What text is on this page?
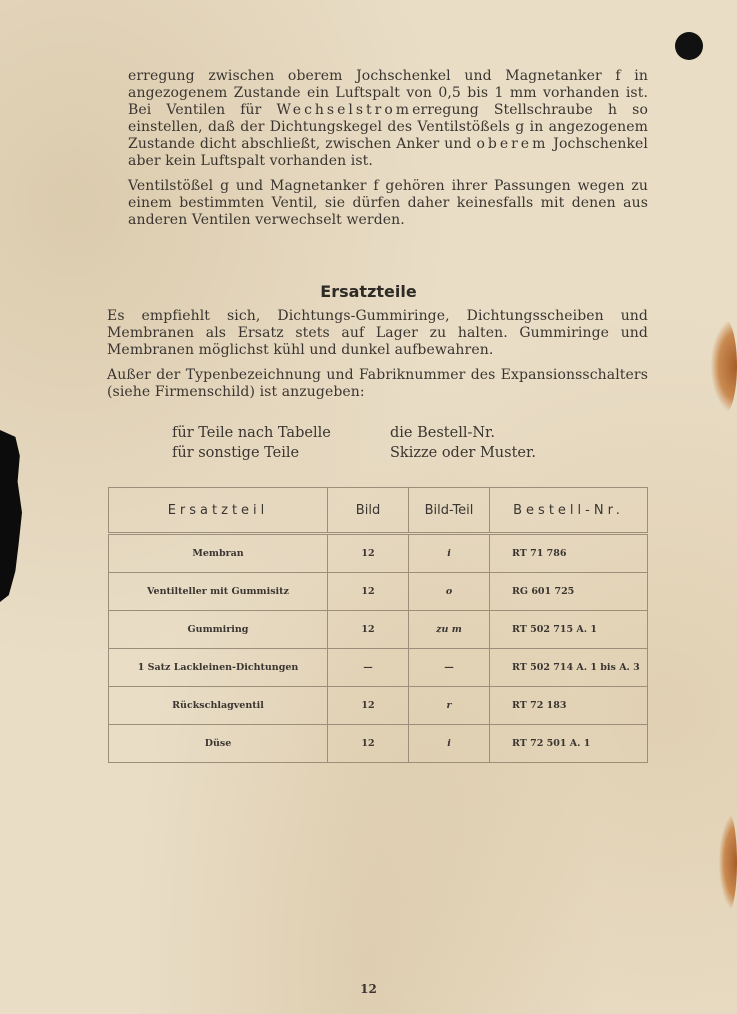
erregung zwischen oberem Jochschenkel und Magnetanker f in angezogenem Zustande ein Luftspalt von 0,5 bis 1 mm vorhanden ist. Bei Ventilen für Wechselstromerregung Stellschraube h so einstellen, daß der Dichtungskegel des Ventilstößels g in angezogenem Zustande dicht abschließt, zwischen Anker und oberem Jochschenkel aber kein Luftspalt vorhanden ist.

Ventilstößel g und Magnetanker f gehören ihrer Passungen wegen zu einem bestimmten Ventil, sie dürfen daher keinesfalls mit denen aus anderen Ventilen verwechselt werden.

Ersatzteile

Es empfiehlt sich, Dichtungs-Gummiringe, Dichtungsscheiben und Membranen als Ersatz stets auf Lager zu halten. Gummiringe und Membranen möglichst kühl und dunkel aufbewahren.

Außer der Typenbezeichnung und Fabriknummer des Expansionsschalters (siehe Firmenschild) ist anzugeben:

für Teile nach Tabelle	die Bestell-Nr.
für sonstige Teile	Skizze oder Muster.
Ersatzteil	Bild	Bild-Teil	Bestell-Nr.
Membran	12	i	RT 71 786
Ventilteller mit Gummisitz	12	o	RG 601 725
Gummiring	12	zu m	RT 502 715 A. 1
1 Satz Lackleinen-Dichtungen	—	—	RT 502 714 A. 1 bis A. 3
Rückschlagventil	12	r	RT 72 183
Düse	12	i	RT 72 501 A. 1
12
